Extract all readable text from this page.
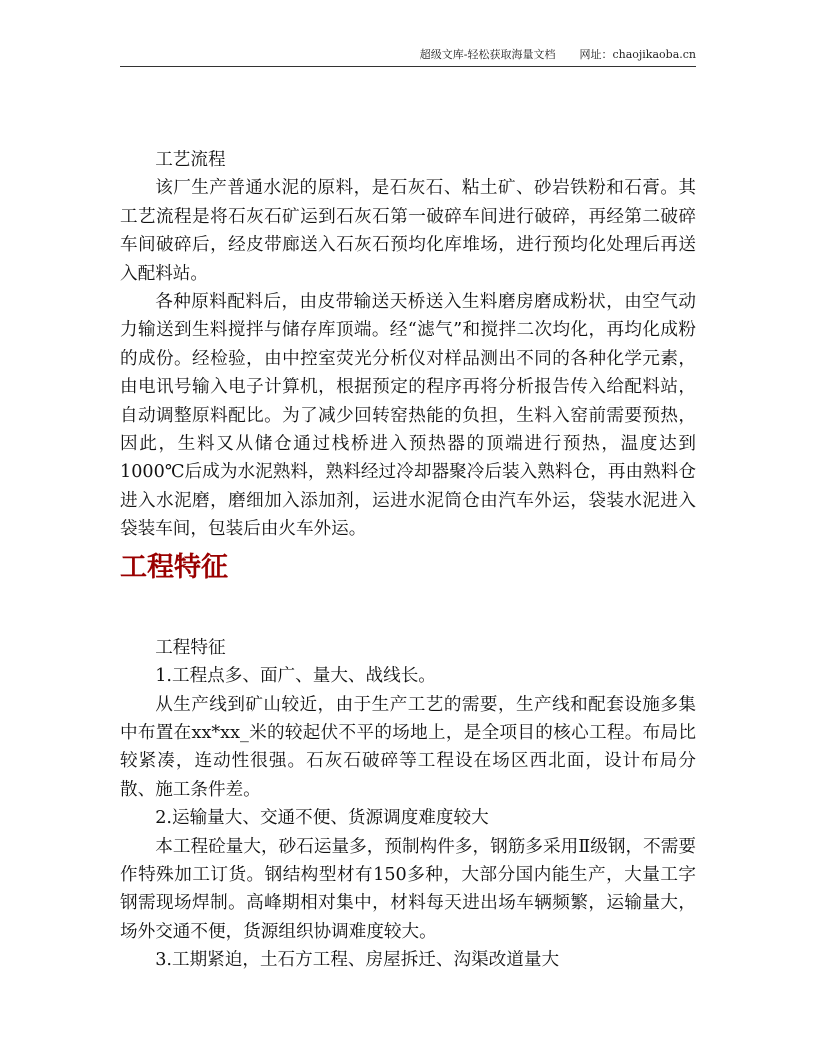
超级文库-轻松获取海量文档 网址：chaojikaoba.cn

工艺流程

该厂生产普通水泥的原料，是石灰石、粘土矿、砂岩铁粉和石膏。其工艺流程是将石灰石矿运到石灰石第一破碎车间进行破碎，再经第二破碎车间破碎后，经皮带廊送入石灰石预均化库堆场，进行预均化处理后再送入配料站。

各种原料配料后，由皮带输送天桥送入生料磨房磨成粉状，由空气动力输送到生料搅拌与储存库顶端。经“滤气”和搅拌二次均化，再均化成粉的成份。经检验，由中控室荧光分析仪对样品测出不同的各种化学元素，由电讯号输入电子计算机，根据预定的程序再将分析报告传入给配料站，自动调整原料配比。为了减少回转窑热能的负担，生料入窑前需要预热，因此，生料又从储仓通过栈桥进入预热器的顶端进行预热，温度达到1000℃后成为水泥熟料，熟料经过冷却器聚冷后装入熟料仓，再由熟料仓进入水泥磨，磨细加入添加剂，运进水泥筒仓由汽车外运，袋装水泥进入袋装车间，包装后由火车外运。

工程特征

工程特征

1.工程点多、面广、量大、战线长。

从生产线到矿山较近，由于生产工艺的需要，生产线和配套设施多集中布置在xx*xx_米的较起伏不平的场地上，是全项目的核心工程。布局比较紧凑，连动性很强。石灰石破碎等工程设在场区西北面，设计布局分散、施工条件差。

2.运输量大、交通不便、货源调度难度较大

本工程砼量大，砂石运量多，预制构件多，钢筋多采用Ⅱ级钢，不需要作特殊加工订货。钢结构型材有150多种，大部分国内能生产，大量工字钢需现场焊制。高峰期相对集中，材料每天进出场车辆频繁，运输量大，场外交通不便，货源组织协调难度较大。

3.工期紧迫，土石方工程、房屋拆迁、沟渠改道量大
